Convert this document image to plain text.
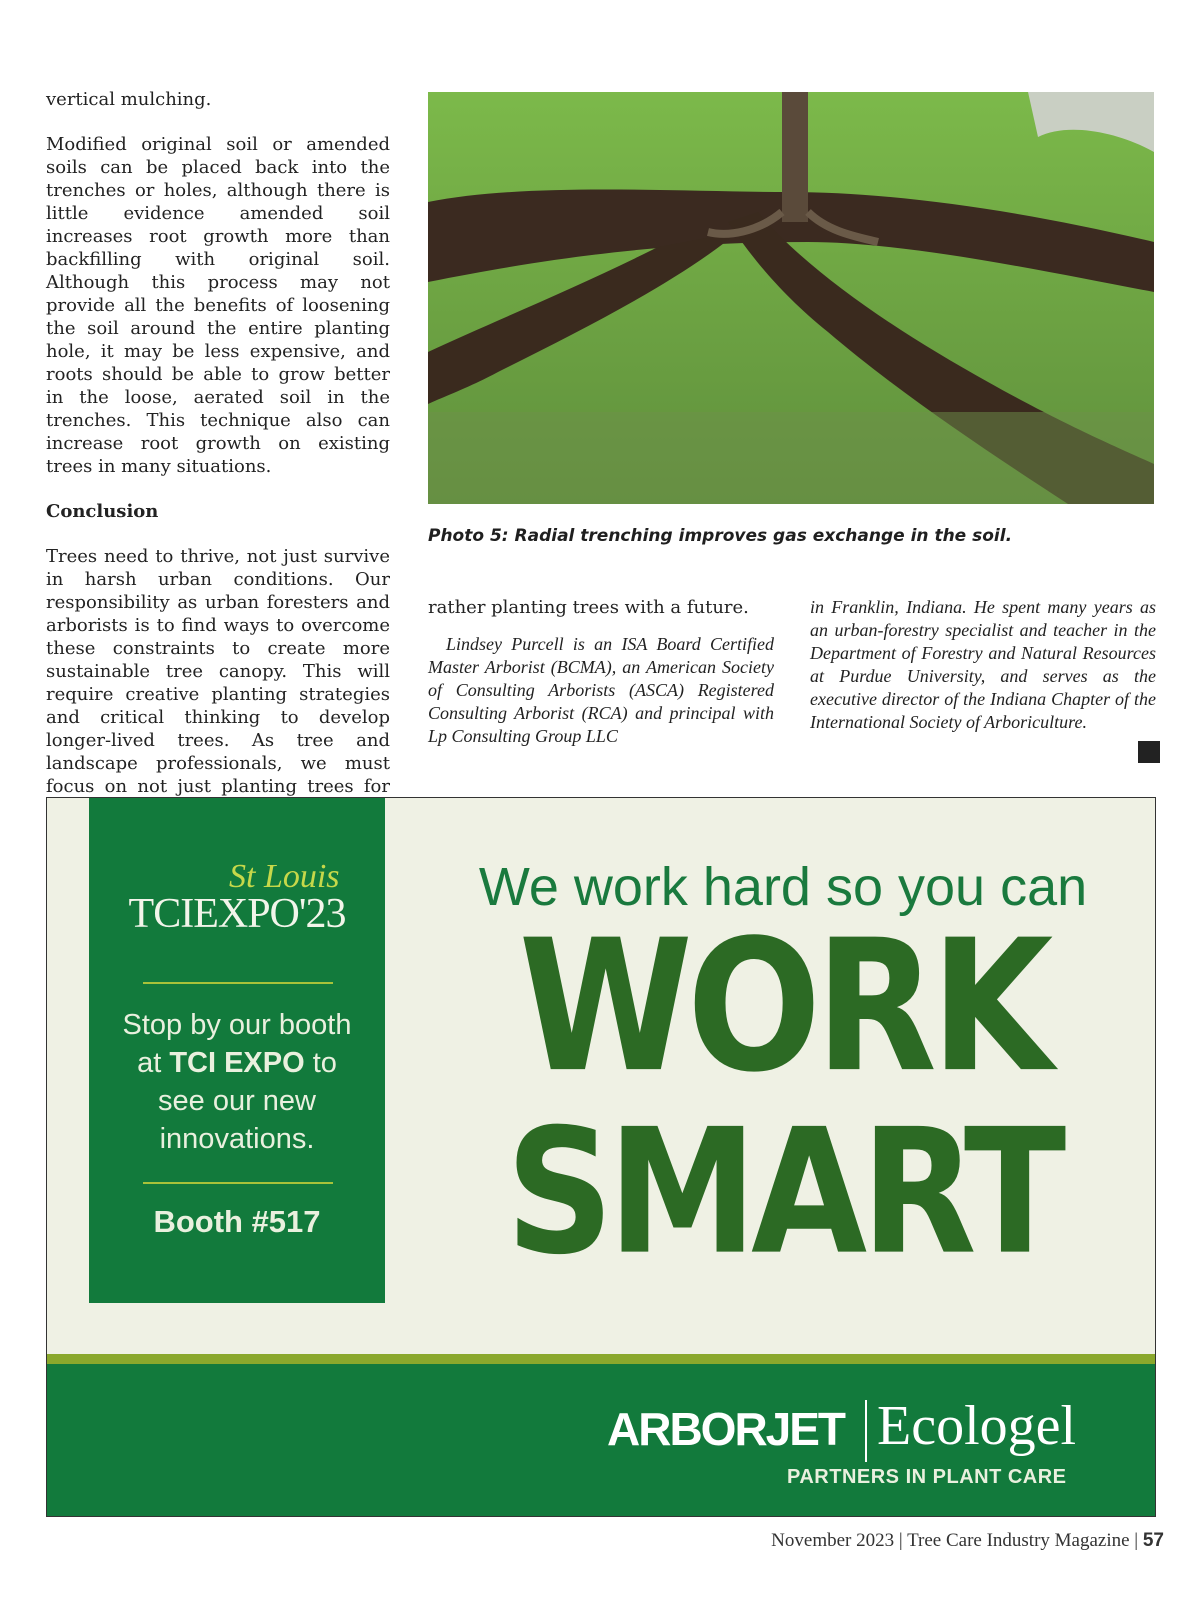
vertical mulching.

Modified original soil or amended soils can be placed back into the trenches or holes, although there is little evidence amended soil increases root growth more than backfilling with original soil. Although this process may not provide all the benefits of loosening the soil around the entire planting hole, it may be less expensive, and roots should be able to grow better in the loose, aerated soil in the trenches. This technique also can increase root growth on existing trees in many situations.

Conclusion

Trees need to thrive, not just survive in harsh urban conditions. Our responsibility as urban foresters and arborists is to find ways to overcome these constraints to create more sustainable tree canopy. This will require creative planting strategies and critical thinking to develop longer-lived trees. As tree and landscape professionals, we must focus on not just planting trees for

Photo 5: Radial trenching improves gas exchange in the soil.

rather planting trees with a future.

Lindsey Purcell is an ISA Board Certified Master Arborist (BCMA), an American Society of Consulting Arborists (ASCA) Registered Consulting Arborist (RCA) and principal with Lp Consulting Group LLC

in Franklin, Indiana. He spent many years as an urban-forestry specialist and teacher in the Department of Forestry and Natural Resources at Purdue University, and serves as the executive director of the Indiana Chapter of the International Society of Arboriculture.

St Louis
TCIEXPO'23
Stop by our booth
at TCI EXPO to
see our new
innovations.
Booth #517
We work hard so you can
WORK
SMART
ARBORJET Ecologel
PARTNERS IN PLANT CARE
November 2023 | Tree Care Industry Magazine | 57
